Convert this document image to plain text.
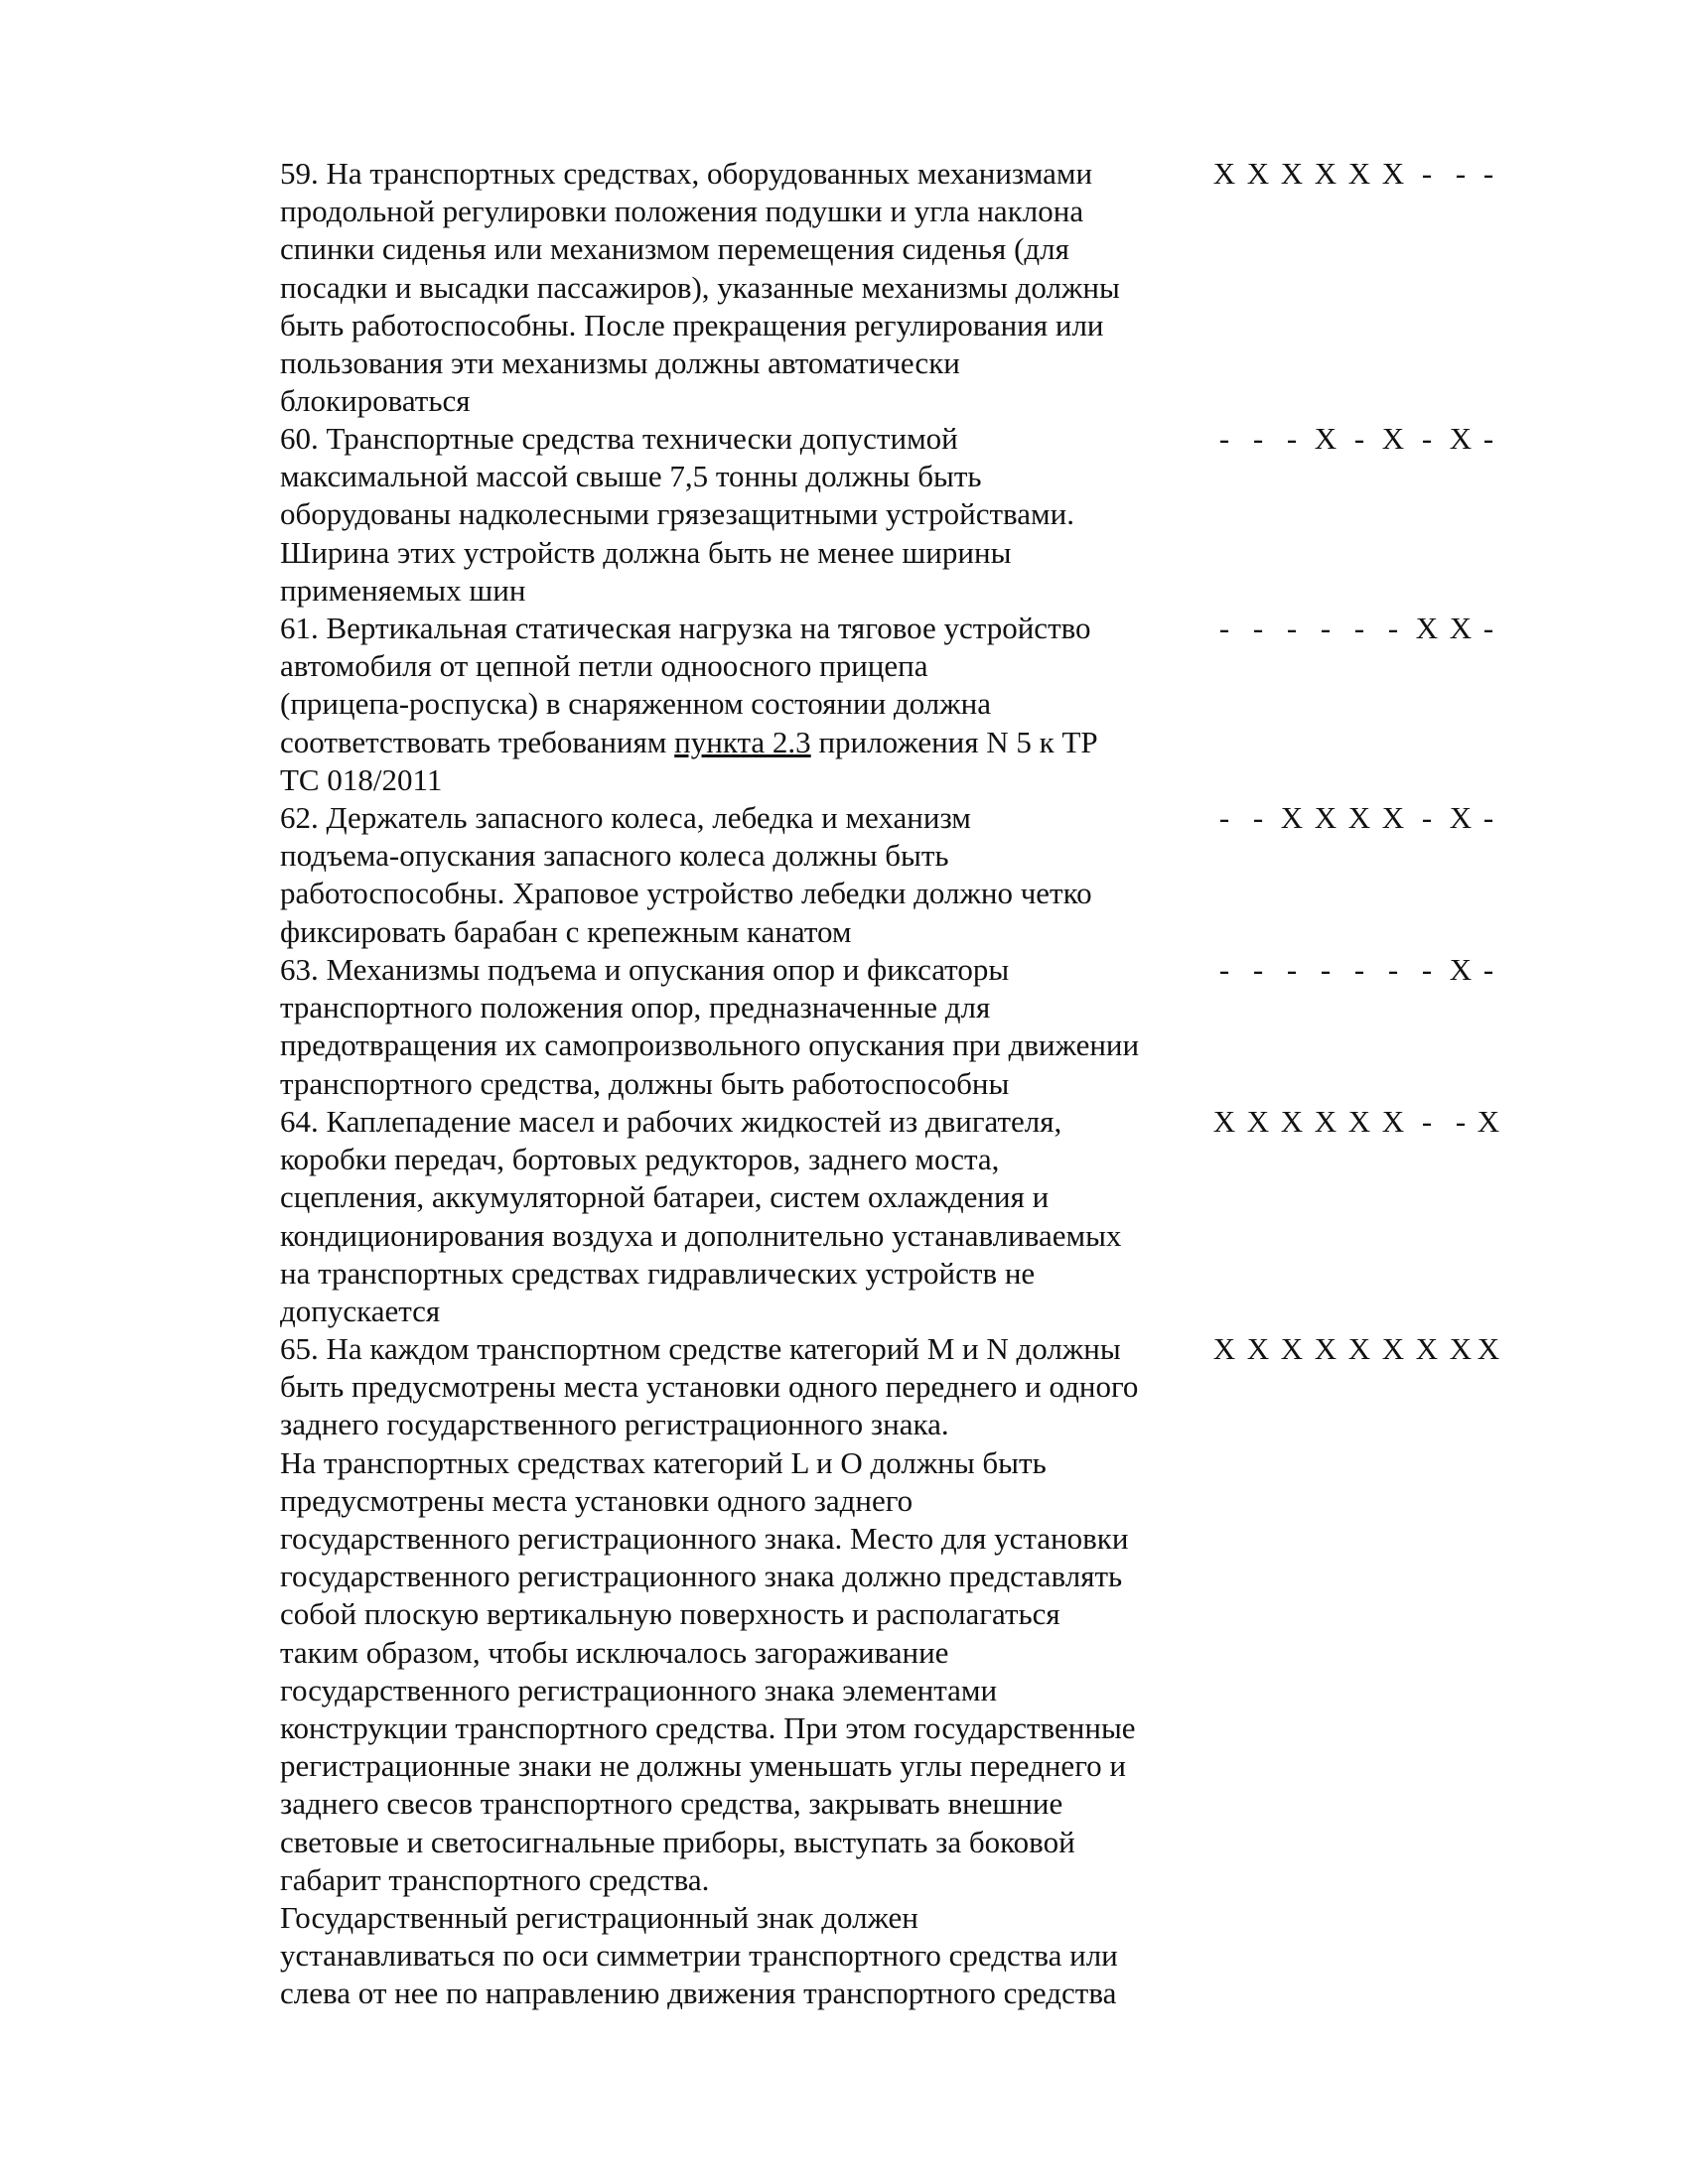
59. На транспортных средствах, оборудованных механизмами
продольной регулировки положения подушки и угла наклона
спинки сиденья или механизмом перемещения сиденья (для
посадки и высадки пассажиров), указанные механизмы должны
быть работоспособны. После прекращения регулирования или
пользования эти механизмы должны автоматически
блокироваться
X X X X X X - - -
60. Транспортные средства технически допустимой
максимальной массой свыше 7,5 тонны должны быть
оборудованы надколесными грязезащитными устройствами.
Ширина этих устройств должна быть не менее ширины
применяемых шин
- - - X - X - X -
61. Вертикальная статическая нагрузка на тяговое устройство
автомобиля от цепной петли одноосного прицепа
(прицепа-роспуска) в снаряженном состоянии должна
соответствовать требованиям пункта 2.3 приложения N 5 к ТР
ТС 018/2011
- - - - - - X X -
62. Держатель запасного колеса, лебедка и механизм
подъема-опускания запасного колеса должны быть
работоспособны. Храповое устройство лебедки должно четко
фиксировать барабан с крепежным канатом
- - X X X X - X -
63. Механизмы подъема и опускания опор и фиксаторы
транспортного положения опор, предназначенные для
предотвращения их самопроизвольного опускания при движении
транспортного средства, должны быть работоспособны
- - - - - - - X -
64. Каплепадение масел и рабочих жидкостей из двигателя,
коробки передач, бортовых редукторов, заднего моста,
сцепления, аккумуляторной батареи, систем охлаждения и
кондиционирования воздуха и дополнительно устанавливаемых
на транспортных средствах гидравлических устройств не
допускается
X X X X X X - - X
65. На каждом транспортном средстве категорий M и N должны
быть предусмотрены места установки одного переднего и одного
заднего государственного регистрационного знака.
На транспортных средствах категорий L и O должны быть
предусмотрены места установки одного заднего
государственного регистрационного знака. Место для установки
государственного регистрационного знака должно представлять
собой плоскую вертикальную поверхность и располагаться
таким образом, чтобы исключалось загораживание
государственного регистрационного знака элементами
конструкции транспортного средства. При этом государственные
регистрационные знаки не должны уменьшать углы переднего и
заднего свесов транспортного средства, закрывать внешние
световые и светосигнальные приборы, выступать за боковой
габарит транспортного средства.
Государственный регистрационный знак должен
устанавливаться по оси симметрии транспортного средства или
слева от нее по направлению движения транспортного средства
X X X X X X X X X
